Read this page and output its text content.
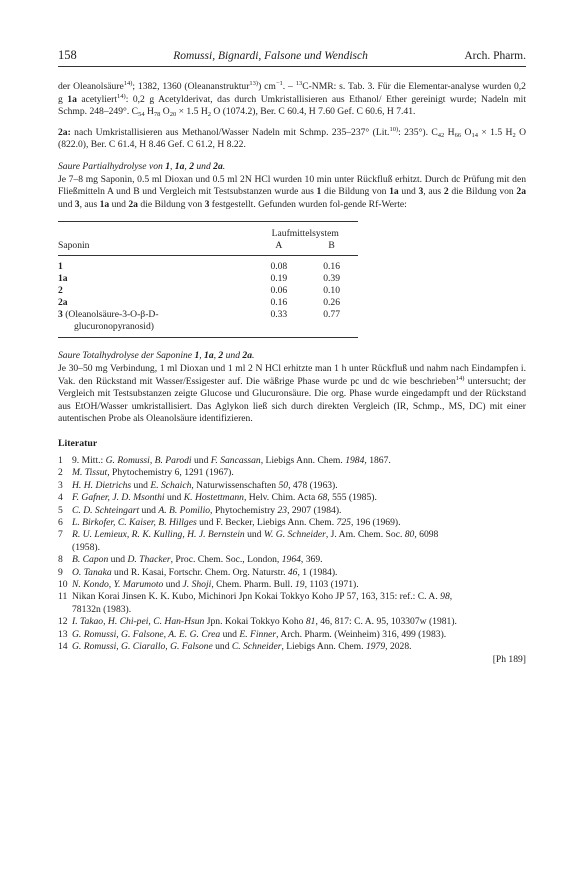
158	Romussi, Bignardi, Falsone und Wendisch	Arch. Pharm.

der Oleanolsäure$^{14)}$; 1382, 1360 (Oleananstruktur$^{13)}$) $cm^{-1}$. – $^{13}$C-NMR: s. Tab. 3. Für die Elementar-analyse wurden 0,2 g 1a acetyliert$^{14)}$: 0,2 g Acetylderivat, das durch Umkristallisieren aus Ethanol/ Ether gereinigt wurde; Nadeln mit Schmp. 248–249°. $C_{54}$ $H_{78}$ $O_{20} \times 1.5$ $H_2$ O (1074.2), Ber. C 60.4, H 7.60 Gef. C 60.6, H 7.41.

2a: nach Umkristallisieren aus Methanol/Wasser Nadeln mit Schmp. 235–237° (Lit.$^{10)}$: 235°). $C_{42}$ $H_{66}$ $O_{14} \times 1.5$ $H_2$ O (822.0), Ber. C 61.4, H 8.46 Gef. C 61.2, H 8.22.

Saure Partialhydrolyse von 1, 1a, 2 und 2a.

Je 7–8 mg Saponin, 0.5 ml Dioxan und 0.5 ml 2N HCl wurden 10 min unter Rückfluß erhitzt. Durch dc Prüfung mit den Fließmitteln A und B und Vergleich mit Testsubstanzen wurde aus 1 die Bildung von 1a und 3, aus 2 die Bildung von 2a und 3, aus 1a und 2a die Bildung von 3 festgestellt. Gefunden wurden fol-gende Rf-Werte:

	Laufmittelsystem	
Saponin	A	B

1	0.08	0.16
1a	0.19	0.39
2	0.06	0.10
2a	0.16	0.26
3 (Oleanolsäure-3-O-β-D-	0.33	0.77
glucuronopyranosid)		
Saure Totalhydrolyse der Saponine 1, 1a, 2 und 2a.

Je 30–50 mg Verbindung, 1 ml Dioxan und 1 ml 2 N HCl erhitzte man 1 h unter Rückfluß und nahm nach Eindampfen i. Vak. den Rückstand mit Wasser/Essigester auf. Die wäßrige Phase wurde pc und dc wie beschrieben$^{14)}$ untersucht; der Vergleich mit Testsubstanzen zeigte Glucose und Glucuronsäure. Die org. Phase wurde eingedampft und der Rückstand aus EtOH/Wasser umkristallisiert. Das Aglykon ließ sich durch direkten Vergleich (IR, Schmp., MS, DC) mit einer autentischen Probe als Oleanolsäure identifizieren.

Literatur
1 9. Mitt.: G. Romussi, B. Parodi und F. Sancassan, Liebigs Ann. Chem. 1984, 1867.
2 M. Tissut, Phytochemistry 6, 1291 (1967).
3 H. H. Dietrichs und E. Schaich, Naturwissenschaften 50, 478 (1963).
4 F. Gafner, J. D. Msonthi und K. Hostettmann, Helv. Chim. Acta 68, 555 (1985).
5 C. D. Schteingart und A. B. Pomilio, Phytochemistry 23, 2907 (1984).
6 L. Birkofer, C. Kaiser, B. Hillges und F. Becker, Liebigs Ann. Chem. 725, 196 (1969).
7 R. U. Lemieux, R. K. Kulling, H. J. Bernstein und W. G. Schneider, J. Am. Chem. Soc. 80, 6098
(1958).
8 B. Capon und D. Thacker, Proc. Chem. Soc., London, 1964, 369.
9 O. Tanaka und R. Kasai, Fortschr. Chem. Org. Naturstr. 46, 1 (1984).
10 N. Kondo, Y. Marumoto und J. Shoji, Chem. Pharm. Bull. 19, 1103 (1971).
11 Nikan Korai Jinsen K. K. Kubo, Michinori Jpn Kokai Tokkyo Koho JP 57, 163, 315: ref.: C. A. 98,
78132n (1983).
12 I. Takao, H. Chi-pei, C. Han-Hsun Jpn. Kokai Tokkyo Koho 81, 46, 817: C. A. 95, 103307w (1981).
13 G. Romussi, G. Falsone, A. E. G. Crea und E. Finner, Arch. Pharm. (Weinheim) 316, 499 (1983).
14 G. Romussi, G. Ciarallo, G. Falsone und C. Schneider, Liebigs Ann. Chem. 1979, 2028.
[Ph 189]
